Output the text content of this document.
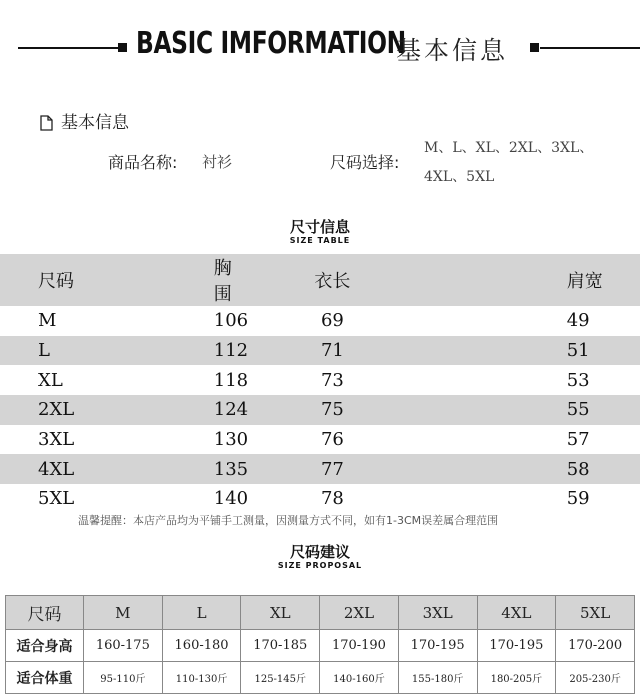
BASIC IMFORMATION
基本信息
基本信息
商品名称: 衬衫	尺码选择:
M、L、XL、2XL、3XL、
4XL、5XL
尺寸信息
SIZE TABLE
尺码	胸围	衣长	肩宽
M	106	69	49
L	112	71	51
XL	118	73	53
2XL	124	75	55
3XL	130	76	57
4XL	135	77	58
5XL	140	78	59
温馨提醒：本店产品均为平铺手工测量，因测量方式不同，如有1-3CM误差属合理范围
尺码建议
SIZE PROPOSAL
尺码	M	L	XL	2XL	3XL	4XL	5XL
适合身高	160-175	160-180	170-185	170-190	170-195	170-195	170-200
适合体重	95-110斤	110-130斤	125-145斤	140-160斤	155-180斤	180-205斤	205-230斤
